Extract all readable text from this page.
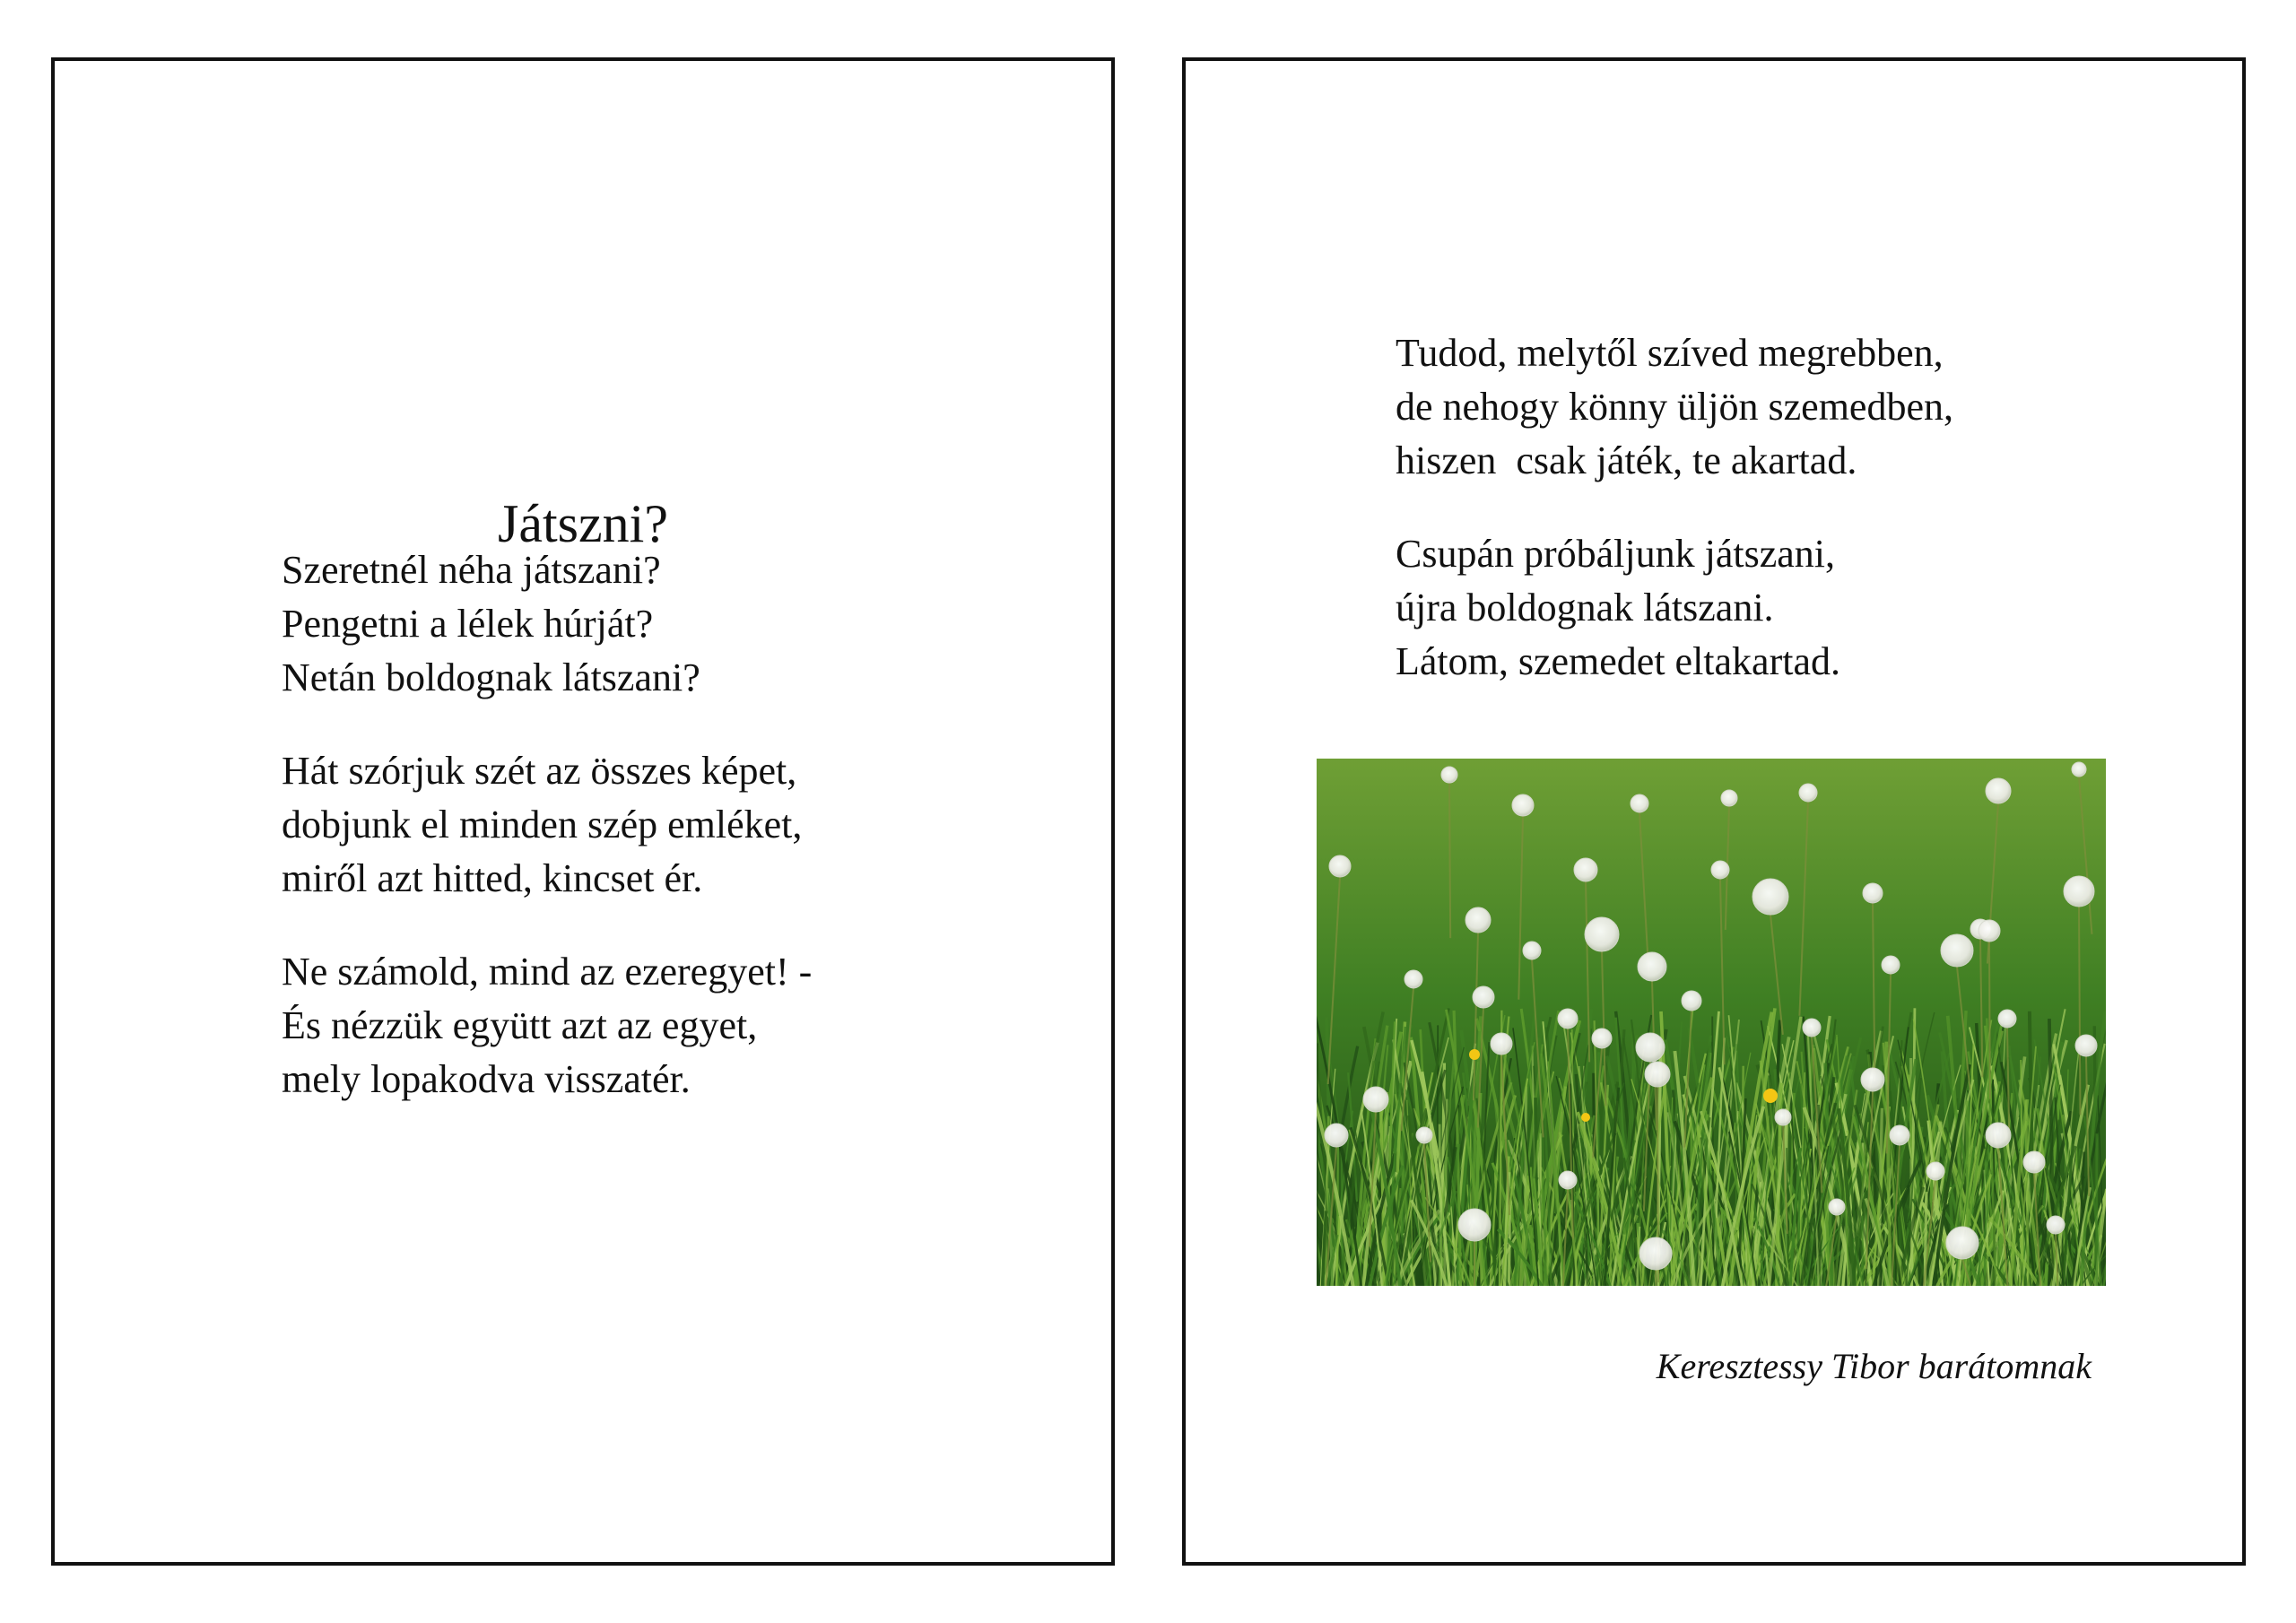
Játszni?

Szeretnél néha játszani?
Pengetni a lélek húrját?
Netán boldognak látszani?

Hát szórjuk szét az összes képet,
dobjunk el minden szép emléket,
miről azt hitted, kincset ér.

Ne számold, mind az ezeregyet! -
És nézzük együtt azt az egyet,
mely lopakodva visszatér.

Tudod, melytől szíved megrebben,
de nehogy könny üljön szemedben,
hiszen  csak játék, te akartad.

Csupán próbáljunk játszani,
újra boldognak látszani.
Látom, szemedet eltakartad.

Keresztessy Tibor barátomnak
